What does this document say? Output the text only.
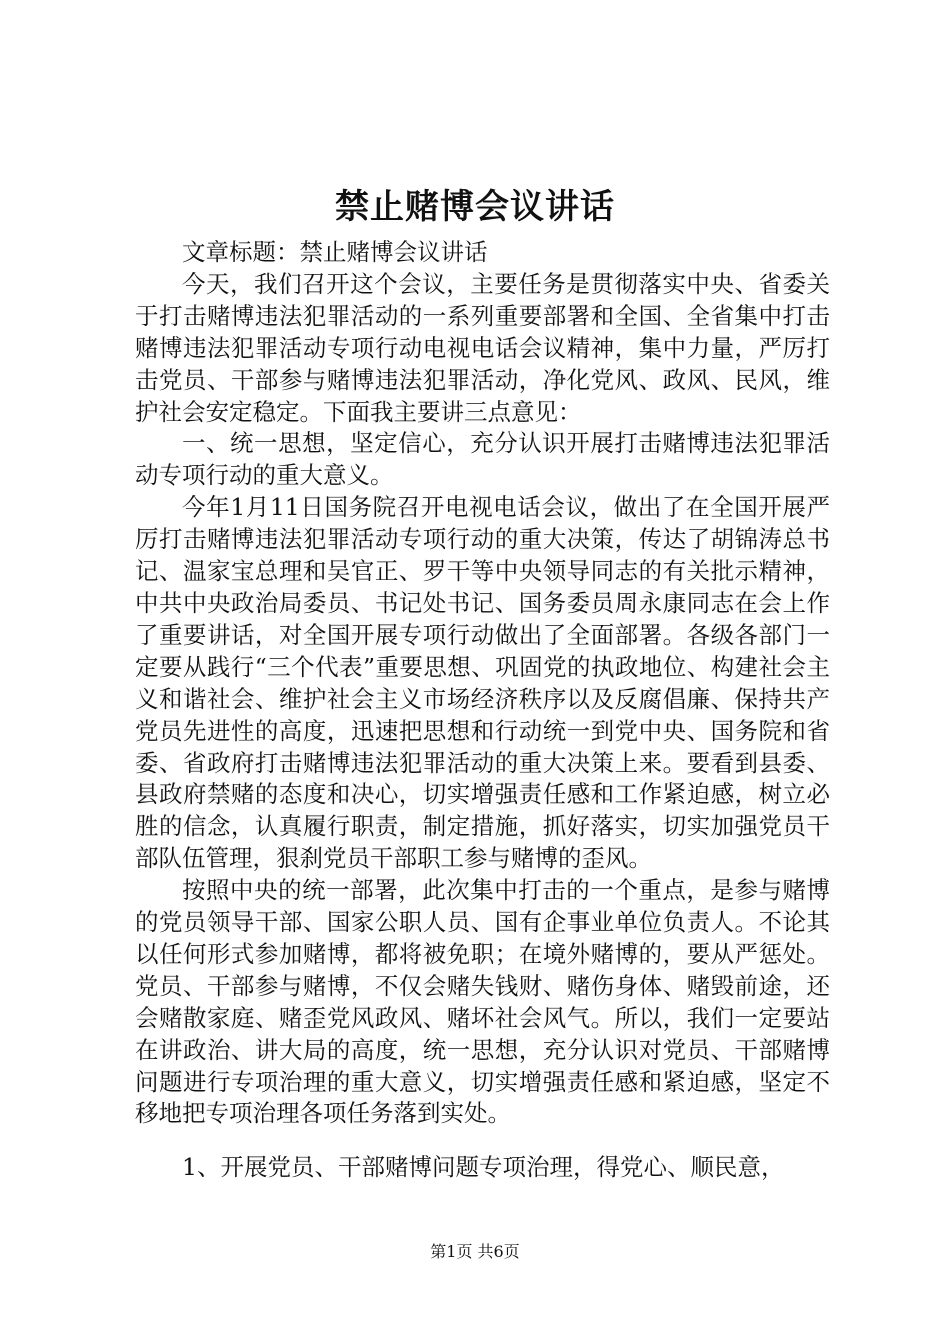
禁止赌博会议讲话

文章标题：禁止赌博会议讲话

今天，我们召开这个会议，主要任务是贯彻落实中央、省委关于打击赌博违法犯罪活动的一系列重要部署和全国、全省集中打击赌博违法犯罪活动专项行动电视电话会议精神，集中力量，严厉打击党员、干部参与赌博违法犯罪活动，净化党风、政风、民风，维护社会安定稳定。下面我主要讲三点意见：

一、统一思想，坚定信心，充分认识开展打击赌博违法犯罪活动专项行动的重大意义。

今年1月11日国务院召开电视电话会议，做出了在全国开展严厉打击赌博违法犯罪活动专项行动的重大决策，传达了胡锦涛总书记、温家宝总理和吴官正、罗干等中央领导同志的有关批示精神，中共中央政治局委员、书记处书记、国务委员周永康同志在会上作了重要讲话，对全国开展专项行动做出了全面部署。各级各部门一定要从践行“三个代表”重要思想、巩固党的执政地位、构建社会主义和谐社会、维护社会主义市场经济秩序以及反腐倡廉、保持共产党员先进性的高度，迅速把思想和行动统一到党中央、国务院和省委、省政府打击赌博违法犯罪活动的重大决策上来。要看到县委、县政府禁赌的态度和决心，切实增强责任感和工作紧迫感，树立必胜的信念，认真履行职责，制定措施，抓好落实，切实加强党员干部队伍管理，狠刹党员干部职工参与赌博的歪风。

按照中央的统一部署，此次集中打击的一个重点，是参与赌博的党员领导干部、国家公职人员、国有企事业单位负责人。不论其以任何形式参加赌博，都将被免职；在境外赌博的，要从严惩处。党员、干部参与赌博，不仅会赌失钱财、赌伤身体、赌毁前途，还会赌散家庭、赌歪党风政风、赌坏社会风气。所以，我们一定要站在讲政治、讲大局的高度，统一思想，充分认识对党员、干部赌博问题进行专项治理的重大意义，切实增强责任感和紧迫感，坚定不移地把专项治理各项任务落到实处。

1、开展党员、干部赌博问题专项治理，得党心、顺民意，

第1页 共6页
